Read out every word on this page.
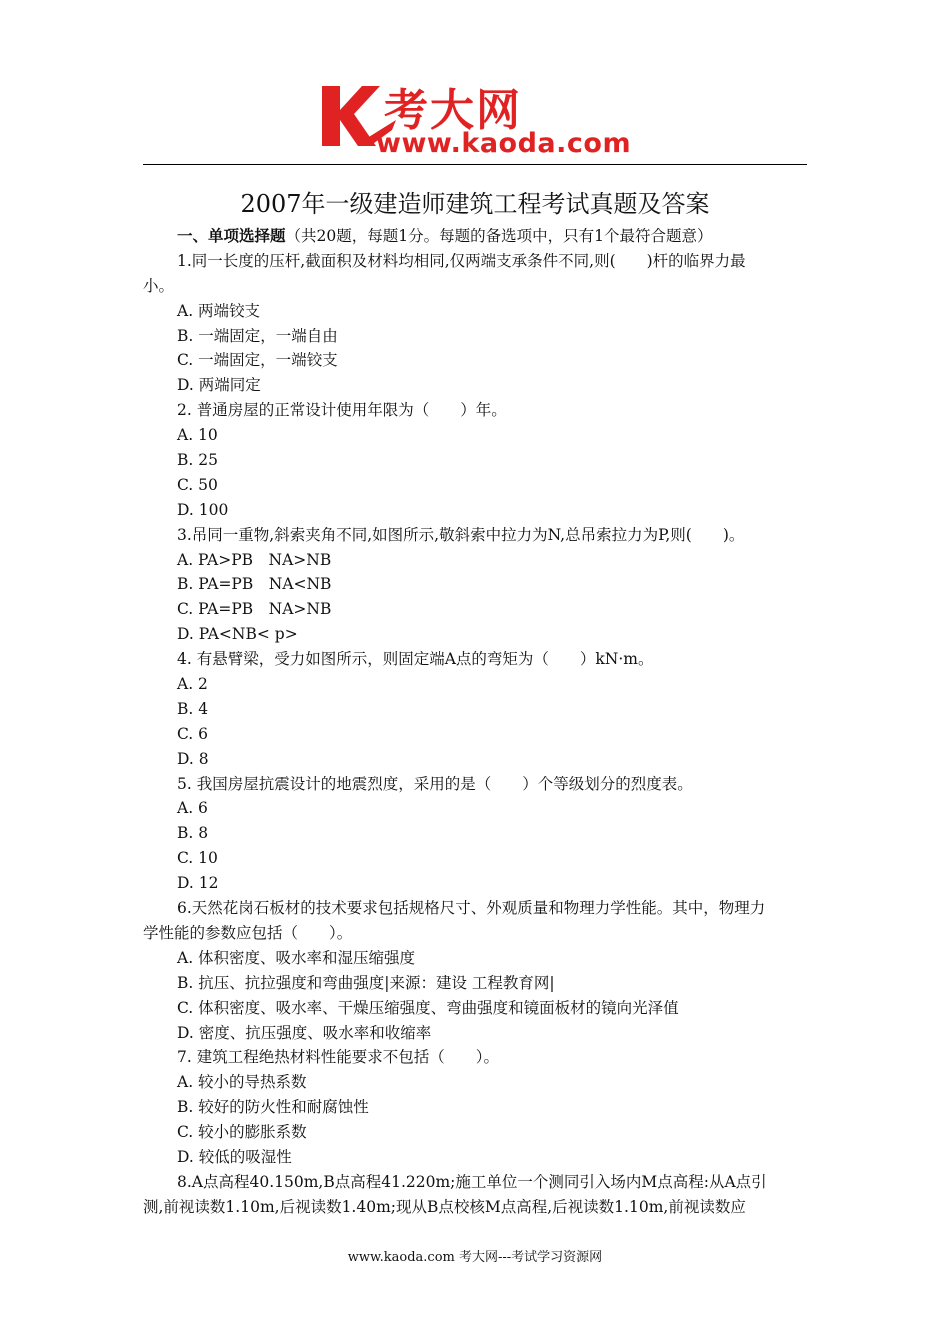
考大网
www.kaoda.com
2007年一级建造师建筑工程考试真题及答案
一、单项选择题（共20题，每题1分。每题的备选项中，只有1个最符合题意）
1.同一长度的压杆,截面积及材料均相同,仅两端支承条件不同,则(　　)杆的临界力最
小。
A. 两端铰支
B. 一端固定，一端自由
C. 一端固定，一端铰支
D. 两端同定
2. 普通房屋的正常设计使用年限为（　　）年。
A. 10
B. 25
C. 50
D. 100
3.吊同一重物,斜索夹角不同,如图所示,敬斜索中拉力为N,总吊索拉力为P,则(　　)。
A. PA>PB　NA>NB
B. PA=PB　NA<NB
C. PA=PB　NA>NB
D. PA<NB< p>
4. 有悬臂梁，受力如图所示，则固定端A点的弯矩为（　　）kN·m。
A. 2
B. 4
C. 6
D. 8
5. 我国房屋抗震设计的地震烈度，采用的是（　　）个等级划分的烈度表。
A. 6
B. 8
C. 10
D. 12
6.天然花岗石板材的技术要求包括规格尺寸、外观质量和物理力学性能。其中，物理力
学性能的参数应包括（　　）。
A. 体积密度、吸水率和湿压缩强度
B. 抗压、抗拉强度和弯曲强度|来源：建设 工程教育网|
C. 体积密度、吸水率、干燥压缩强度、弯曲强度和镜面板材的镜向光泽值
D. 密度、抗压强度、吸水率和收缩率
7. 建筑工程绝热材料性能要求不包括（　　）。
A. 较小的导热系数
B. 较好的防火性和耐腐蚀性
C. 较小的膨胀系数
D. 较低的吸湿性
8.A点高程40.150m,B点高程41.220m;施工单位一个测同引入场内M点高程:从A点引
测,前视读数1.10m,后视读数1.40m;现从B点校核M点高程,后视读数1.10m,前视读数应
www.kaoda.com 考大网---考试学习资源网
